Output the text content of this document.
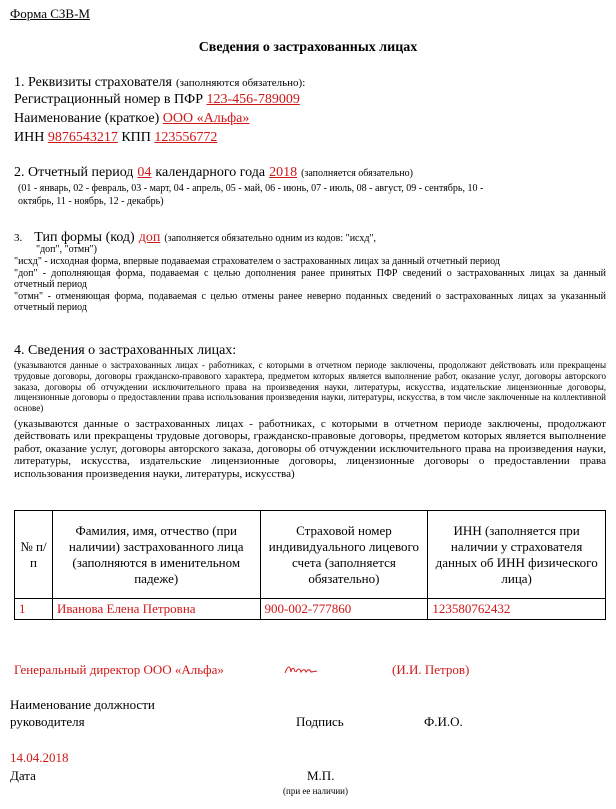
Форма СЗВ-М
Сведения о застрахованных лицах
1. Реквизиты страхователя (заполняются обязательно):
Регистрационный номер в ПФР 123-456-789009
Наименование (краткое) ООО «Альфа»
ИНН 9876543217 КПП 123556772
2. Отчетный период 04 календарного года 2018 (заполняется обязательно)
(01 - январь, 02 - февраль, 03 - март, 04 - апрель, 05 - май, 06 - июнь, 07 - июль, 08 - август, 09 - сентябрь, 10 -
октябрь, 11 - ноябрь, 12 - декабрь)
3. Тип формы (код) доп (заполняется обязательно одним из кодов: "исхд",
"доп", "отмн")
"исхд" - исходная форма, впервые подаваемая страхователем о застрахованных лицах за данный отчетный период
"доп" - дополняющая форма, подаваемая с целью дополнения ранее принятых ПФР сведений о застрахованных лицах за данный отчетный период
"отмн" - отменяющая форма, подаваемая с целью отмены ранее неверно поданных сведений о застрахованных лицах за указанный отчетный период
4. Сведения о застрахованных лицах:
(указываются данные о застрахованных лицах - работниках, с которыми в отчетном периоде заключены, продолжают действовать или прекращены трудовые договоры, договоры гражданско-правового характера, предметом которых является выполнение работ, оказание услуг, договоры авторского заказа, договоры об отчуждении исключительного права на произведения науки, литературы, искусства, издательские лицензионные договоры, лицензионные договоры о предоставлении права использования произведения науки, литературы, искусства, в том числе заключенные на коллективной основе)
(указываются данные о застрахованных лицах - работниках, с которыми в отчетном периоде заключены, продолжают действовать или прекращены трудовые договоры, гражданско-правовые договоры, предметом которых является выполнение работ, оказание услуг, договоры авторского заказа, договоры об отчуждении исключительного права на произведения науки, литературы, искусства, издательские лицензионные договоры, лицензионные договоры о предоставлении права использования произведения науки, литературы, искусства)
№ п/п	Фамилия, имя, отчество (при наличии) застрахованного лица (заполняются в именительном падеже)	Страховой номер индивидуального лицевого счета (заполняется обязательно)	ИНН (заполняется при наличии у страхователя данных об ИНН физического лица)
1	Иванова Елена Петровна	900-002-777860	123580762432
Генеральный директор ООО «Альфа»	(И.И. Петров)
Наименование должности
руководителя	Подпись	Ф.И.О.
14.04.2018
Дата	М.П.
(при ее наличии)
